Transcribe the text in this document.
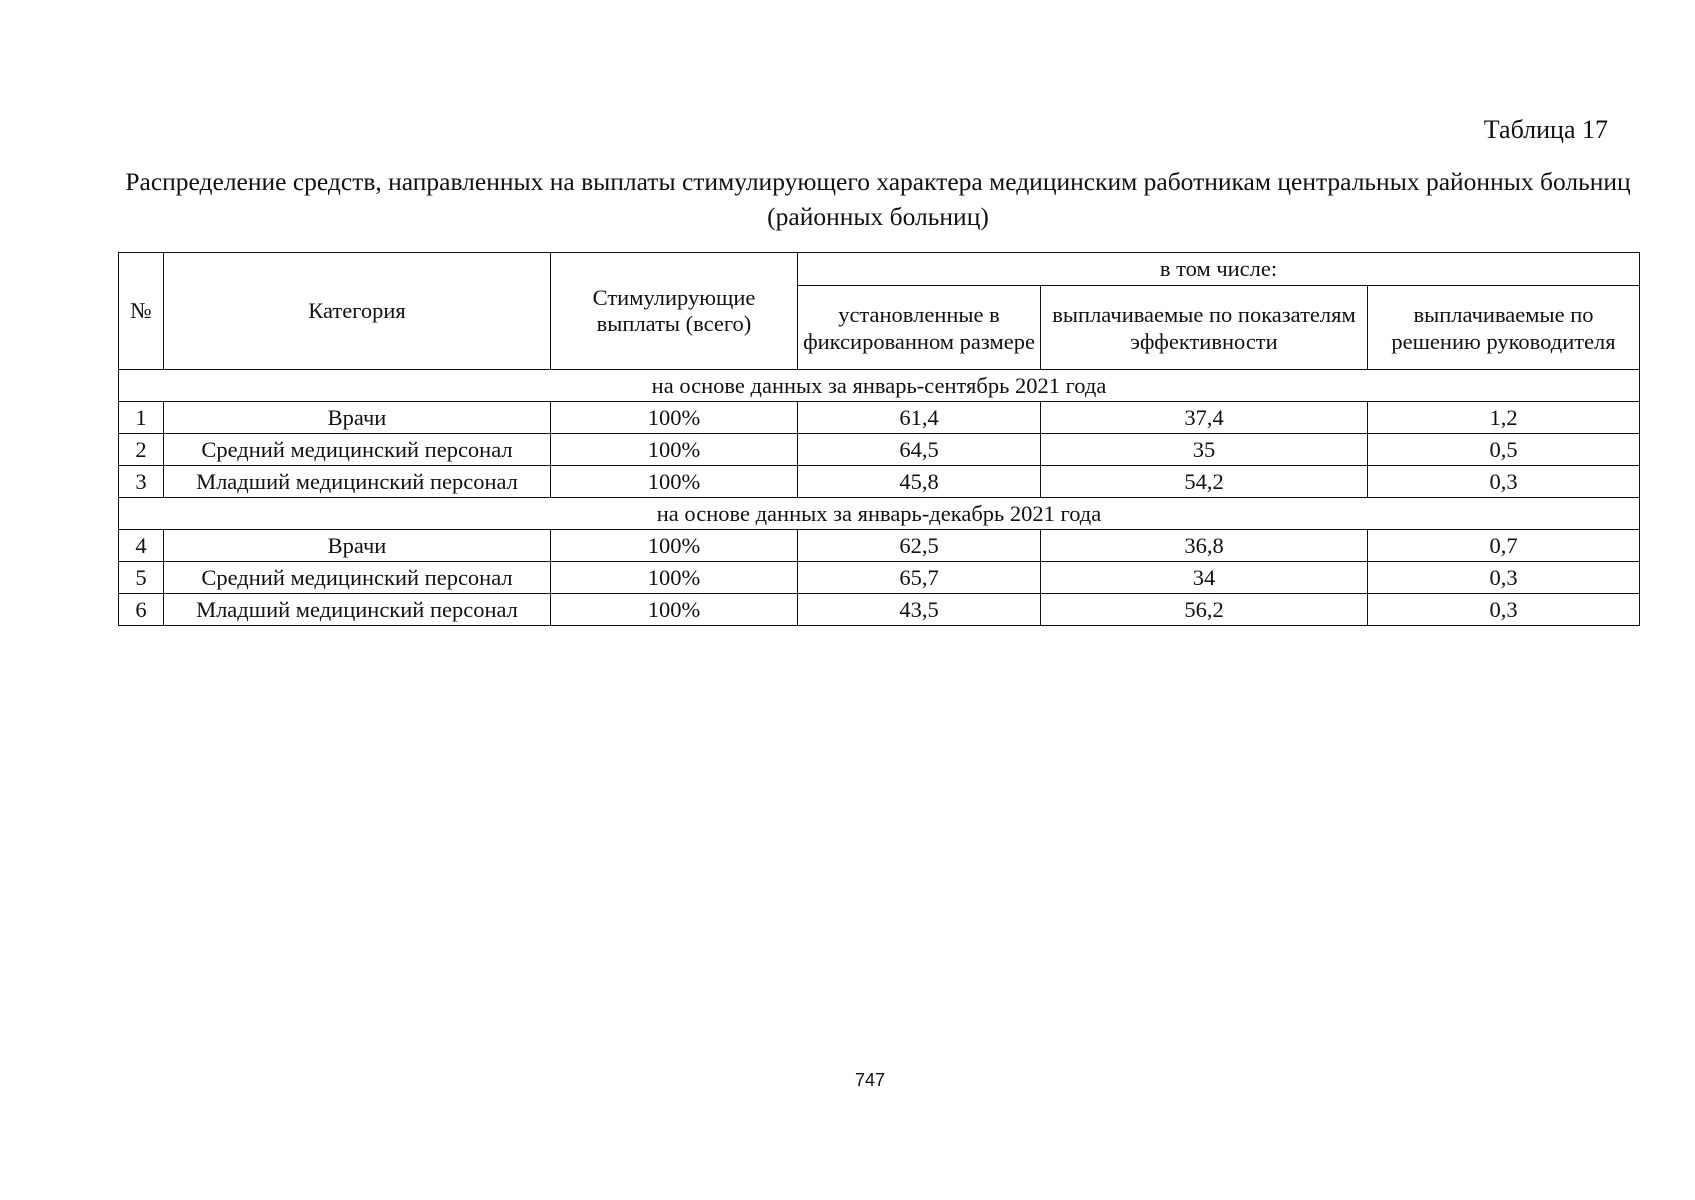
Таблица 17
Распределение средств, направленных на выплаты стимулирующего характера медицинским работникам центральных районных больниц (районных больниц)
№	Категория	Стимулирующие выплаты (всего)	в том числе:		
			установленные в фиксированном размере	выплачиваемые по показателям эффективности	выплачиваемые по решению руководителя
на основе данных за январь-сентябрь 2021 года					
1	Врачи	100%	61,4	37,4	1,2
2	Средний медицинский персонал	100%	64,5	35	0,5
3	Младший медицинский персонал	100%	45,8	54,2	0,3
на основе данных за январь-декабрь 2021 года					
4	Врачи	100%	62,5	36,8	0,7
5	Средний медицинский персонал	100%	65,7	34	0,3
6	Младший медицинский персонал	100%	43,5	56,2	0,3
747
